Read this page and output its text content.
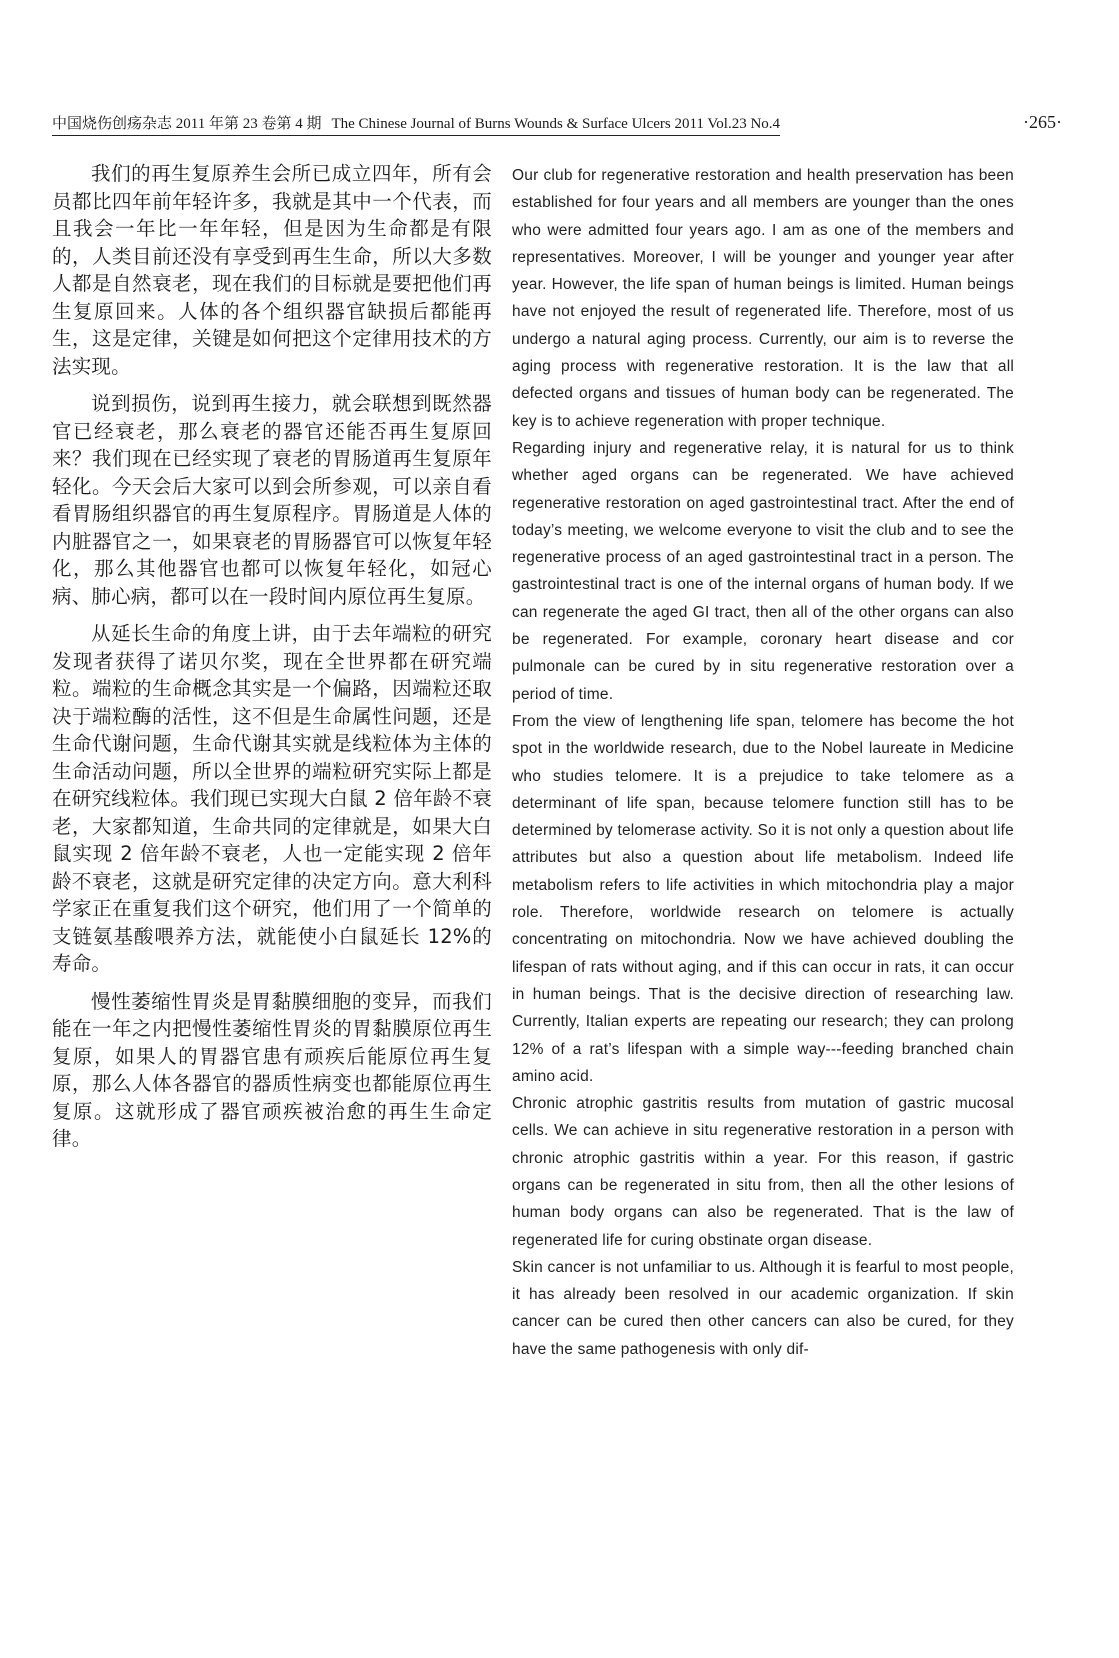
中国烧伤创疡杂志 2011 年第 23 卷第 4 期 The Chinese Journal of Burns Wounds & Surface Ulcers 2011 Vol.23 No.4	·265·

我们的再生复原养生会所已成立四年，所有会员都比四年前年轻许多，我就是其中一个代表，而且我会一年比一年年轻，但是因为生命都是有限的，人类目前还没有享受到再生生命，所以大多数人都是自然衰老，现在我们的目标就是要把他们再生复原回来。人体的各个组织器官缺损后都能再生，这是定律，关键是如何把这个定律用技术的方法实现。

说到损伤，说到再生接力，就会联想到既然器官已经衰老，那么衰老的器官还能否再生复原回来？我们现在已经实现了衰老的胃肠道再生复原年轻化。今天会后大家可以到会所参观，可以亲自看看胃肠组织器官的再生复原程序。胃肠道是人体的内脏器官之一，如果衰老的胃肠器官可以恢复年轻化，那么其他器官也都可以恢复年轻化，如冠心病、肺心病，都可以在一段时间内原位再生复原。

从延长生命的角度上讲，由于去年端粒的研究发现者获得了诺贝尔奖，现在全世界都在研究端粒。端粒的生命概念其实是一个偏路，因端粒还取决于端粒酶的活性，这不但是生命属性问题，还是生命代谢问题，生命代谢其实就是线粒体为主体的生命活动问题，所以全世界的端粒研究实际上都是在研究线粒体。我们现已实现大白鼠 2 倍年龄不衰老，大家都知道，生命共同的定律就是，如果大白鼠实现 2 倍年龄不衰老，人也一定能实现 2 倍年龄不衰老，这就是研究定律的决定方向。意大利科学家正在重复我们这个研究，他们用了一个简单的支链氨基酸喂养方法，就能使小白鼠延长 12%的寿命。

慢性萎缩性胃炎是胃黏膜细胞的变异，而我们能在一年之内把慢性萎缩性胃炎的胃黏膜原位再生复原，如果人的胃器官患有顽疾后能原位再生复原，那么人体各器官的器质性病变也都能原位再生复原。这就形成了器官顽疾被治愈的再生生命定律。

Our club for regenerative restoration and health preservation has been established for four years and all members are younger than the ones who were admitted four years ago. I am as one of the members and representatives. Moreover, I will be younger and younger year after year. However, the life span of human beings is limited. Human beings have not enjoyed the result of regenerated life. Therefore, most of us undergo a natural aging process. Currently, our aim is to reverse the aging process with regenerative restoration. It is the law that all defected organs and tissues of human body can be regenerated. The key is to achieve regeneration with proper technique.

Regarding injury and regenerative relay, it is natural for us to think whether aged organs can be regenerated. We have achieved regenerative restoration on aged gastrointestinal tract. After the end of today’s meeting, we welcome everyone to visit the club and to see the regenerative process of an aged gastrointestinal tract in a person. The gastrointestinal tract is one of the internal organs of human body. If we can regenerate the aged GI tract, then all of the other organs can also be regenerated. For example, coronary heart disease and cor pulmonale can be cured by in situ regenerative restoration over a period of time.

From the view of lengthening life span, telomere has become the hot spot in the worldwide research, due to the Nobel laureate in Medicine who studies telomere. It is a prejudice to take telomere as a determinant of life span, because telomere function still has to be determined by telomerase activity. So it is not only a question about life attributes but also a question about life metabolism. Indeed life metabolism refers to life activities in which mitochondria play a major role. Therefore, worldwide research on telomere is actually concentrating on mitochondria. Now we have achieved doubling the lifespan of rats without aging, and if this can occur in rats, it can occur in human beings. That is the decisive direction of researching law. Currently, Italian experts are repeating our research; they can prolong 12% of a rat’s lifespan with a simple way---feeding branched chain amino acid.

Chronic atrophic gastritis results from mutation of gastric mucosal cells. We can achieve in situ regenerative restoration in a person with chronic atrophic gastritis within a year. For this reason, if gastric organs can be regenerated in situ from, then all the other lesions of human body organs can also be regenerated. That is the law of regenerated life for curing obstinate organ disease.

Skin cancer is not unfamiliar to us. Although it is fearful to most people, it has already been resolved in our academic organization. If skin cancer can be cured then other cancers can also be cured, for they have the same pathogenesis with only dif-
